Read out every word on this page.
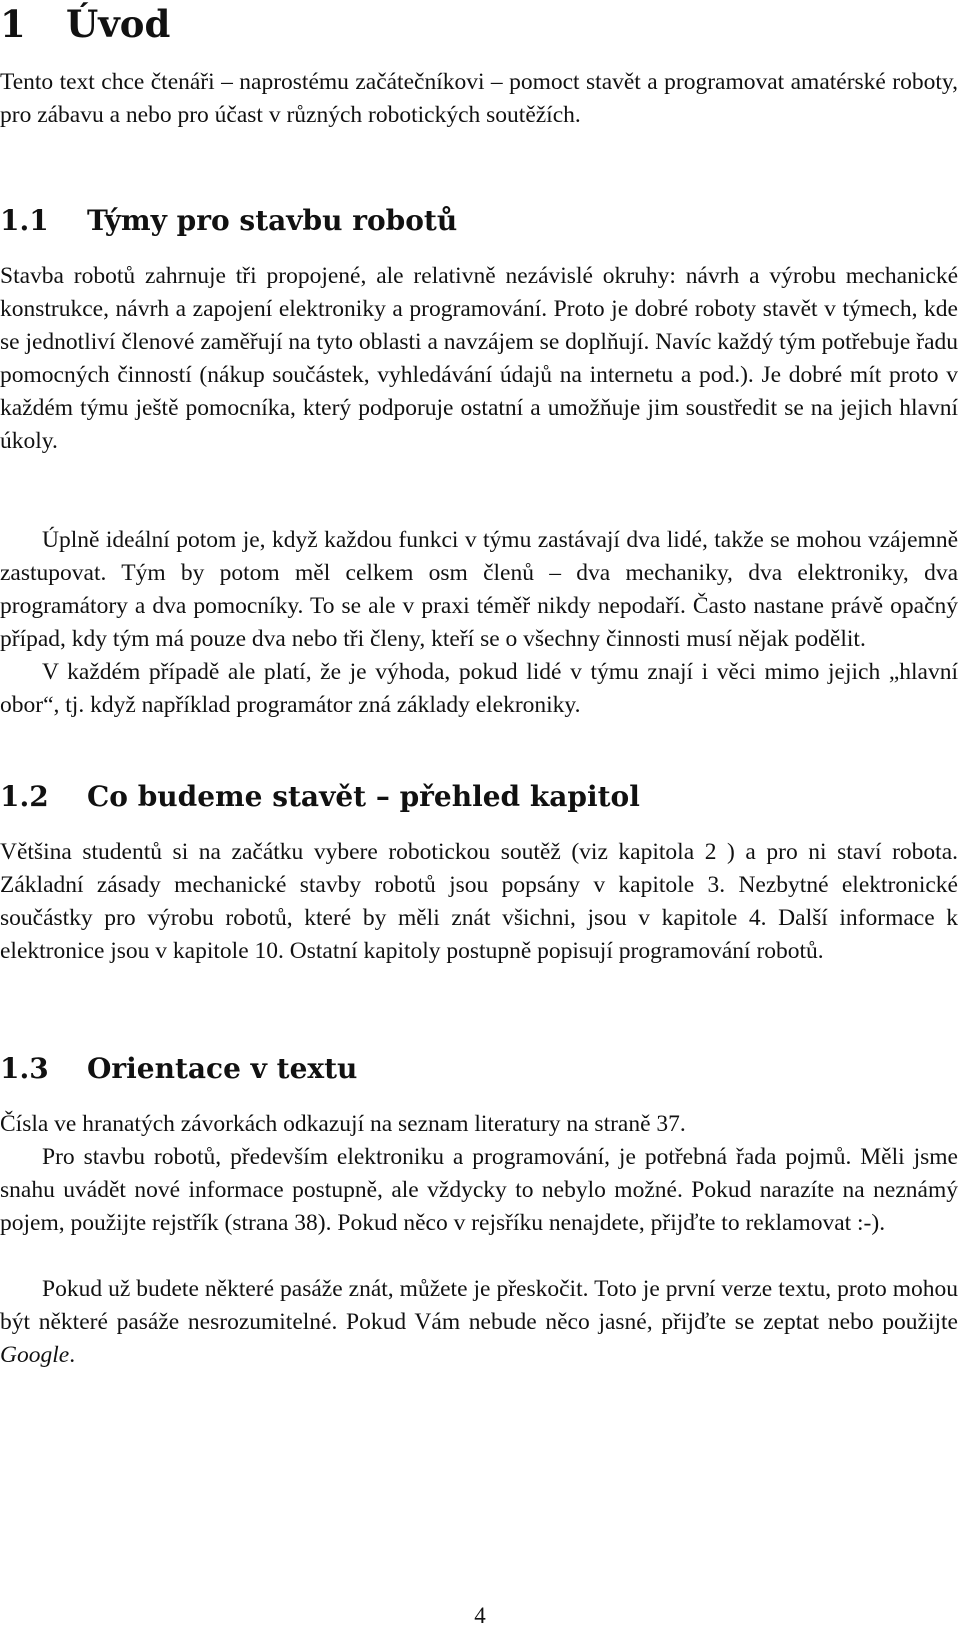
1 Úvod

Tento text chce čtenáři – naprostému začátečníkovi – pomoct stavět a programovat amatérské roboty, pro zábavu a nebo pro účast v různých robotických soutěžích.

1.1 Týmy pro stavbu robotů

Stavba robotů zahrnuje tři propojené, ale relativně nezávislé okruhy: návrh a výrobu mechanické konstrukce, návrh a zapojení elektroniky a programování. Proto je dobré roboty stavět v týmech, kde se jednotliví členové zaměřují na tyto oblasti a navzájem se doplňují. Navíc každý tým potřebuje řadu pomocných činností (nákup součástek, vyhledávání údajů na internetu a pod.). Je dobré mít proto v každém týmu ještě pomocníka, který podporuje ostatní a umožňuje jim soustředit se na jejich hlavní úkoly.

Úplně ideální potom je, když každou funkci v týmu zastávají dva lidé, takže se mohou vzájemně zastupovat. Tým by potom měl celkem osm členů – dva mechaniky, dva elektroniky, dva programátory a dva pomocníky. To se ale v praxi téměř nikdy nepodaří. Často nastane právě opačný případ, kdy tým má pouze dva nebo tři členy, kteří se o všechny činnosti musí nějak podělit.

V každém případě ale platí, že je výhoda, pokud lidé v týmu znají i věci mimo jejich „hlavní obor“, tj. když například programátor zná základy elekroniky.

1.2 Co budeme stavět – přehled kapitol

Většina studentů si na začátku vybere robotickou soutěž (viz kapitola 2 ) a pro ni staví robota. Základní zásady mechanické stavby robotů jsou popsány v kapitole 3. Nezbytné elektronické součástky pro výrobu robotů, které by měli znát všichni, jsou v kapitole 4. Další informace k elektronice jsou v kapitole 10. Ostatní kapitoly postupně popisují programování robotů.

1.3 Orientace v textu

Čísla ve hranatých závorkách odkazují na seznam literatury na straně 37.

Pro stavbu robotů, především elektroniku a programování, je potřebná řada pojmů. Měli jsme snahu uvádět nové informace postupně, ale vždycky to nebylo možné. Pokud narazíte na neznámý pojem, použijte rejstřík (strana 38). Pokud něco v rejsříku nenajdete, přijďte to reklamovat :-).

Pokud už budete některé pasáže znát, můžete je přeskočit. Toto je první verze textu, proto mohou být některé pasáže nesrozumitelné. Pokud Vám nebude něco jasné, přijďte se zeptat nebo použijte Google.

4
